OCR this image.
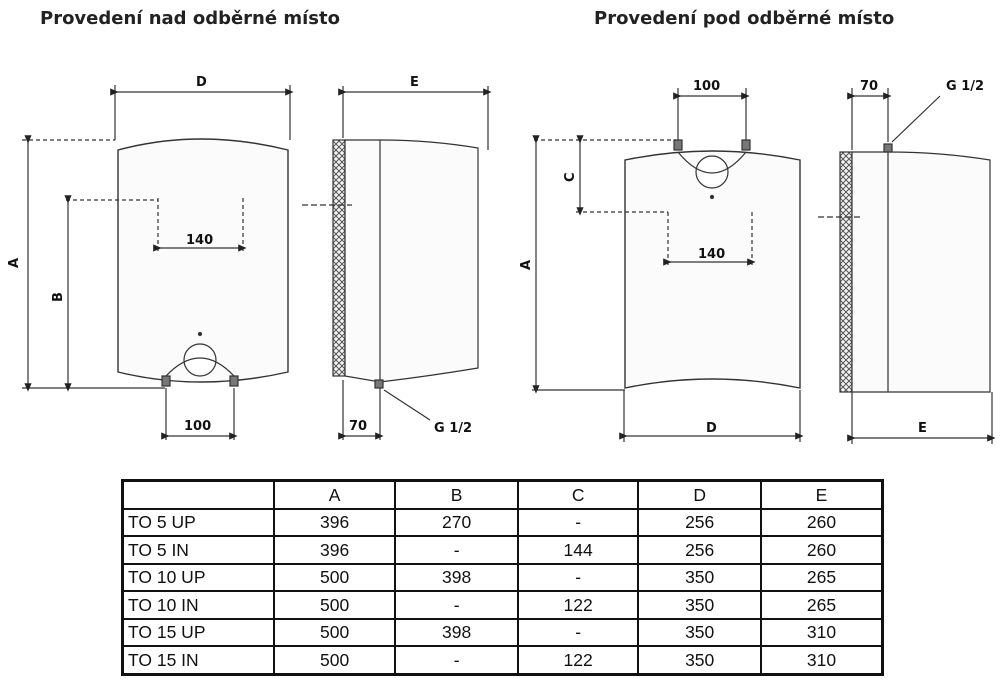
Provedení nad odběrné místo	Provedení pod odběrné místo
D
A
B
140
100
E
70	G 1/2
100
C
A
140
D
70	G 1/2
E
	A	B	C	D	E
TO 5 UP	396	270	-	256	260
TO 5 IN	396	-	144	256	260
TO 10 UP	500	398	-	350	265
TO 10 IN	500	-	122	350	265
TO 15 UP	500	398	-	350	310
TO 15 IN	500	-	122	350	310
